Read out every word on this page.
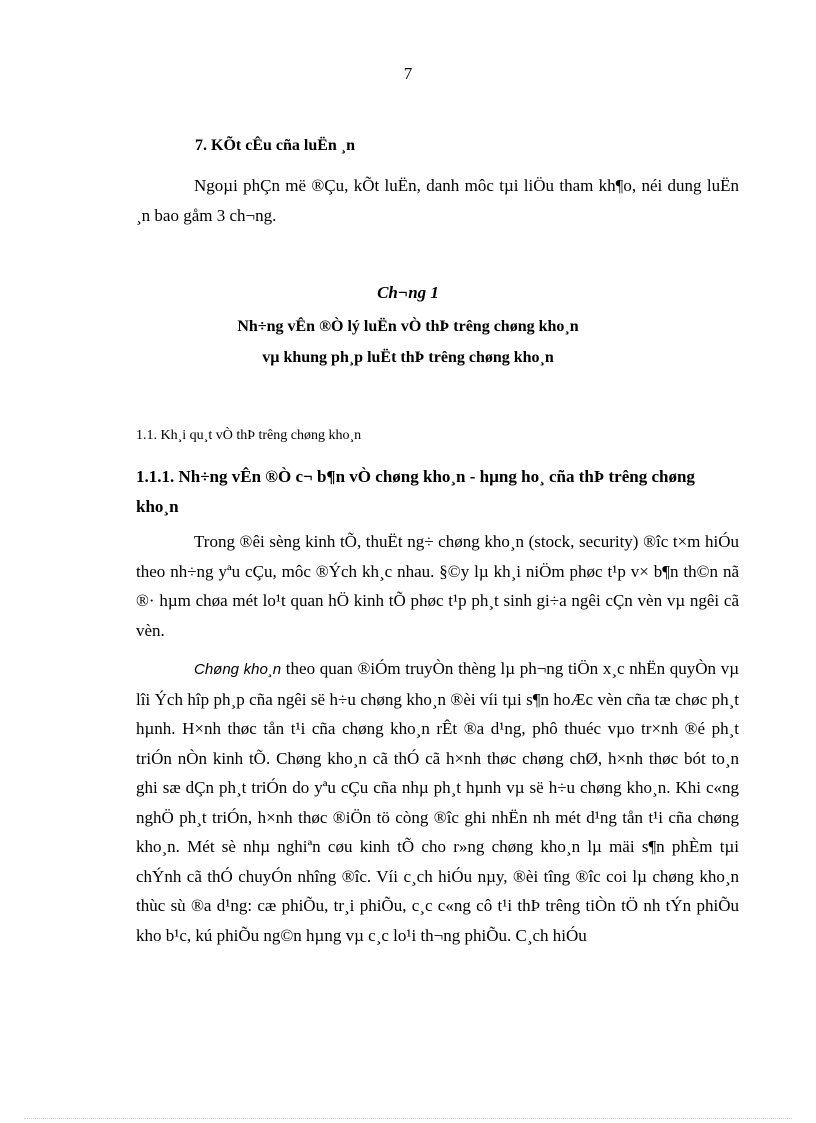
7
7. KÕt cÊu cña luËn ¸n
Ngoµi phÇn më ®Çu, kÕt luËn, danh môc tµi liÖu tham kh¶o, néi dung luËn ¸n bao gåm 3 ch¬ng.
Ch¬ng 1
Nh÷ng vÊn ®Ò lý luËn vÒ thÞ trêng chøng kho¸n
vµ khung ph¸p luËt thÞ trêng chøng kho¸n
1.1. Kh¸i qu¸t vÒ thÞ trêng chøng kho¸n
1.1.1. Nh÷ng vÊn ®Ò c¬ b¶n vÒ chøng kho¸n - hµng ho¸ cña thÞ trêng chøng kho¸n
Trong ®êi sèng kinh tÕ, thuËt ng÷ chøng kho¸n (stock, security) ®îc t×m hiÓu theo nh÷ng yªu cÇu, môc ®Ých kh¸c nhau. §©y lµ kh¸i niÖm phøc t¹p v× b¶n th©n nã ®· hµm chøa mét lo¹t quan hÖ kinh tÕ phøc t¹p ph¸t sinh gi÷a ngêi cÇn vèn vµ ngêi cã vèn.
Chøng kho¸n theo quan ®iÓm truyÒn thèng lµ ph¬ng tiÖn x¸c nhËn quyÒn vµ lîi Ých hîp ph¸p cña ngêi së h÷u chøng kho¸n ®èi víi tµi s¶n hoÆc vèn cña tæ chøc ph¸t hµnh. H×nh thøc tån t¹i cña chøng kho¸n rÊt ®a d¹ng, phô thuéc vµo tr×nh ®é ph¸t triÓn nÒn kinh tÕ. Chøng kho¸n cã thÓ cã h×nh thøc chøng chØ, h×nh thøc bót to¸n ghi sæ dÇn ph¸t triÓn do yªu cÇu cña nhµ ph¸t hµnh vµ së h÷u chøng kho¸n. Khi c«ng nghÖ ph¸t triÓn, h×nh thøc ®iÖn tö còng ®îc ghi nhËn nh mét d¹ng tån t¹i cña chøng kho¸n. Mét sè nhµ nghiªn cøu kinh tÕ cho r»ng chøng kho¸n lµ mäi s¶n phÈm tµi chÝnh cã thÓ chuyÓn nhîng ®îc. Víi c¸ch hiÓu nµy, ®èi tîng ®îc coi lµ chøng kho¸n thùc sù ®a d¹ng: cæ phiÕu, tr¸i phiÕu, c¸c c«ng cô t¹i thÞ trêng tiÒn tÖ nh tÝn phiÕu kho b¹c, kú phiÕu ng©n hµng vµ c¸c lo¹i th¬ng phiÕu. C¸ch hiÓu
